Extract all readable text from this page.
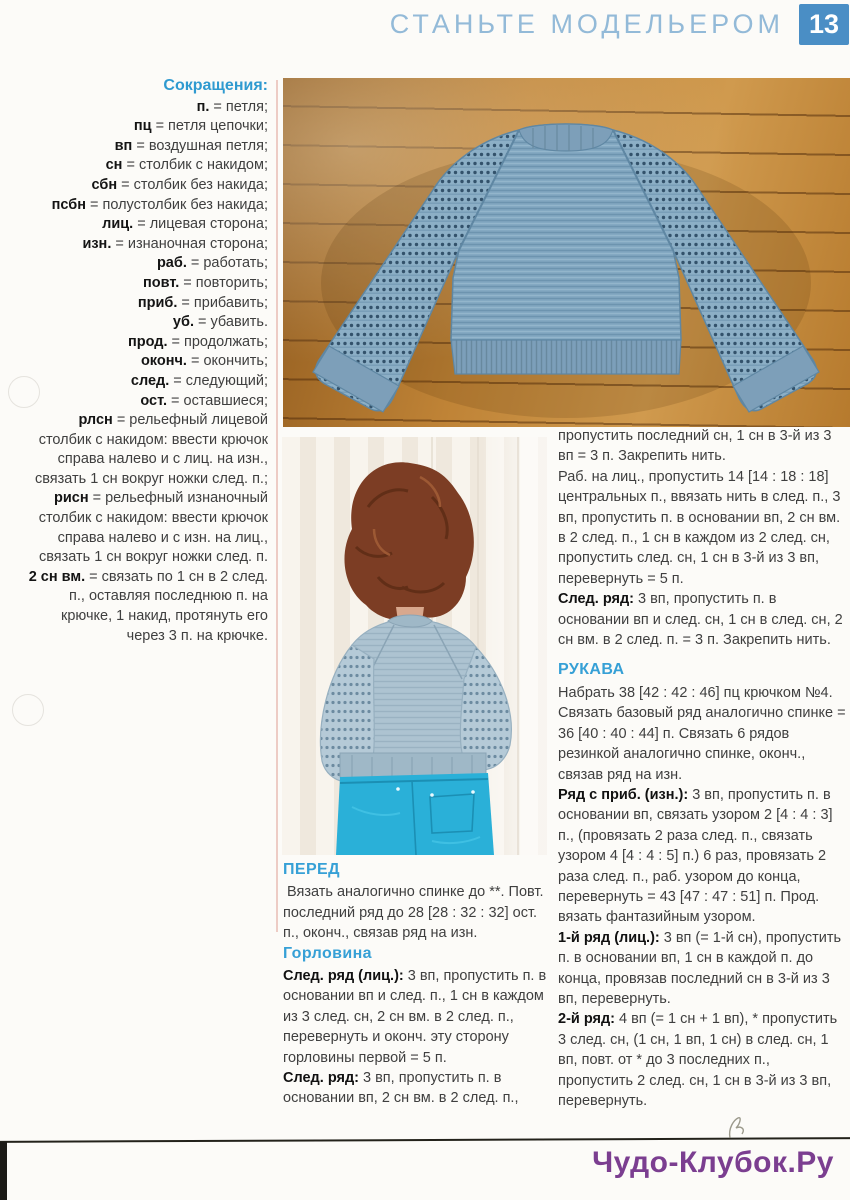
СТАНЬТЕ МОДЕЛЬЕРОМ 13
Сокращения:
п. = петля;
пц = петля цепочки;
вп = воздушная петля;
сн = столбик с накидом;
сбн = столбик без накида;
псбн = полустолбик без накида;
лиц. = лицевая сторона;
изн. = изнаночная сторона;
раб. = работать;
повт. = повторить;
приб. = прибавить;
уб. = убавить.
прод. = продолжать;
оконч. = окончить;
след. = следующий;
ост. = оставшиеся;
рлсн = рельефный лицевой столбик с накидом: ввести крючок справа налево и с лиц. на изн., связать 1 сн вокруг ножки след. п.;
рисн = рельефный изнаночный столбик с накидом: ввести крючок справа налево и с изн. на лиц., связать 1 сн вокруг ножки след. п.
2 сн вм. = связать по 1 сн в 2 след. п., оставляя последнюю п. на крючке, 1 накид, протянуть его через 3 п. на крючке.
ПЕРЕД

Вязать аналогично спинке до **. Повт. последний ряд до 28 [28 : 32 : 32] ост. п., оконч., связав ряд на изн.

Горловина

След. ряд (лиц.): 3 вп, пропустить п. в основании вп и след. п., 1 сн в каждом из 3 след. сн, 2 сн вм. в 2 след. п., перевернуть и оконч. эту сторону горловины первой = 5 п.

След. ряд: 3 вп, пропустить п. в основании вп, 2 сн вм. в 2 след. п.,

пропустить последний сн, 1 сн в 3-й из 3 вп = 3 п. Закрепить нить.

Раб. на лиц., пропустить 14 [14 : 18 : 18] центральных п., ввязать нить в след. п., 3 вп, пропустить п. в основании вп, 2 сн вм. в 2 след. п., 1 сн в каждом из 2 след. сн, пропустить след. сн, 1 сн в 3-й из 3 вп, перевернуть = 5 п.

След. ряд: 3 вп, пропустить п. в основании вп и след. сн, 1 сн в след. сн, 2 сн вм. в 2 след. п. = 3 п. Закрепить нить.

РУКАВА

Набрать 38 [42 : 42 : 46] пц крючком №4. Связать базовый ряд аналогично спинке = 36 [40 : 40 : 44] п. Связать 6 рядов резинкой аналогично спинке, оконч., связав ряд на изн.

Ряд с приб. (изн.): 3 вп, пропустить п. в основании вп, связать узором 2 [4 : 4 : 3] п., (провязать 2 раза след. п., связать узором 4 [4 : 4 : 5] п.) 6 раз, провязать 2 раза след. п., раб. узором до конца, перевернуть = 43 [47 : 47 : 51] п. Прод. вязать фантазийным узором.

1-й ряд (лиц.): 3 вп (= 1-й сн), пропустить п. в основании вп, 1 сн в каждой п. до конца, провязав последний сн в 3-й из 3 вп, перевернуть.

2-й ряд: 4 вп (= 1 сн + 1 вп), * пропустить 3 след. сн, (1 сн, 1 вп, 1 сн) в след. сн, 1 вп, повт. от * до 3 последних п., пропустить 2 след. сн, 1 сн в 3-й из 3 вп, перевернуть.

Чудо-Клубок.Ру
